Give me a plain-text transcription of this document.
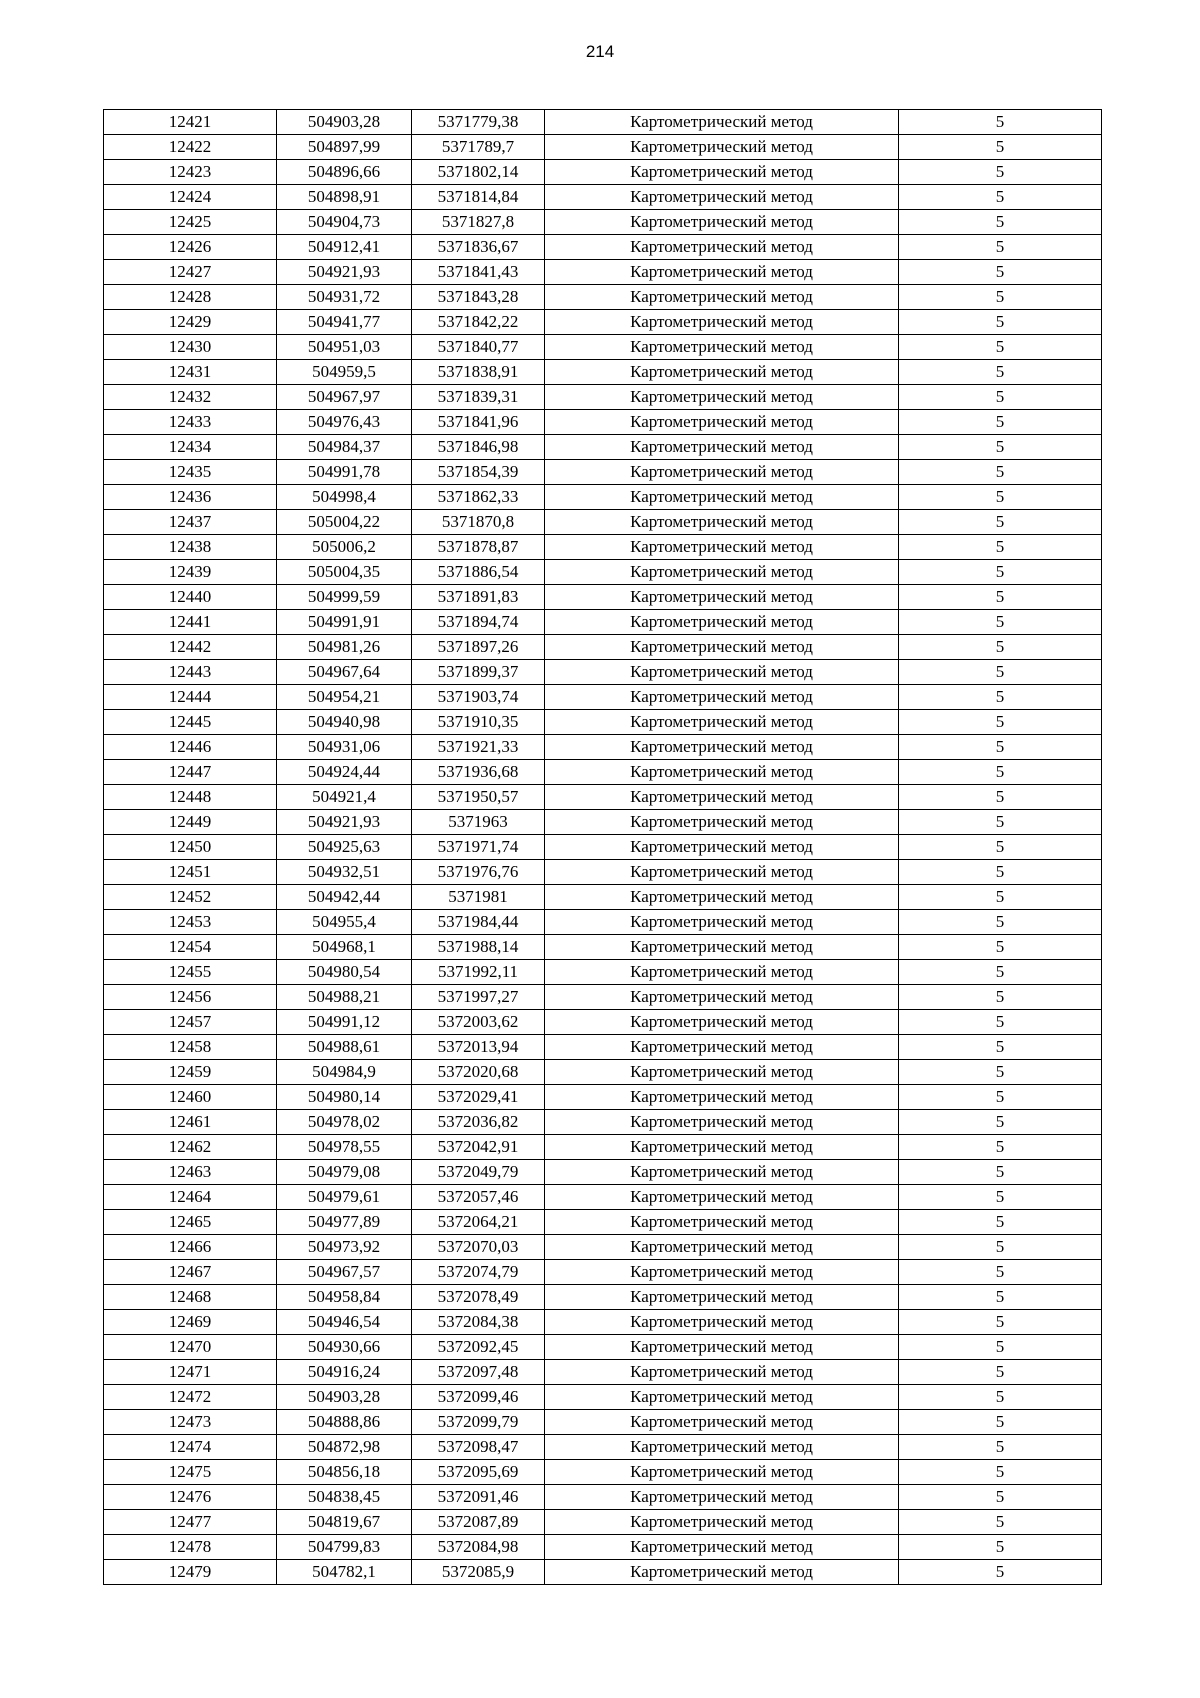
214
12421	504903,28	5371779,38	Картометрический метод	5
12422	504897,99	5371789,7	Картометрический метод	5
12423	504896,66	5371802,14	Картометрический метод	5
12424	504898,91	5371814,84	Картометрический метод	5
12425	504904,73	5371827,8	Картометрический метод	5
12426	504912,41	5371836,67	Картометрический метод	5
12427	504921,93	5371841,43	Картометрический метод	5
12428	504931,72	5371843,28	Картометрический метод	5
12429	504941,77	5371842,22	Картометрический метод	5
12430	504951,03	5371840,77	Картометрический метод	5
12431	504959,5	5371838,91	Картометрический метод	5
12432	504967,97	5371839,31	Картометрический метод	5
12433	504976,43	5371841,96	Картометрический метод	5
12434	504984,37	5371846,98	Картометрический метод	5
12435	504991,78	5371854,39	Картометрический метод	5
12436	504998,4	5371862,33	Картометрический метод	5
12437	505004,22	5371870,8	Картометрический метод	5
12438	505006,2	5371878,87	Картометрический метод	5
12439	505004,35	5371886,54	Картометрический метод	5
12440	504999,59	5371891,83	Картометрический метод	5
12441	504991,91	5371894,74	Картометрический метод	5
12442	504981,26	5371897,26	Картометрический метод	5
12443	504967,64	5371899,37	Картометрический метод	5
12444	504954,21	5371903,74	Картометрический метод	5
12445	504940,98	5371910,35	Картометрический метод	5
12446	504931,06	5371921,33	Картометрический метод	5
12447	504924,44	5371936,68	Картометрический метод	5
12448	504921,4	5371950,57	Картометрический метод	5
12449	504921,93	5371963	Картометрический метод	5
12450	504925,63	5371971,74	Картометрический метод	5
12451	504932,51	5371976,76	Картометрический метод	5
12452	504942,44	5371981	Картометрический метод	5
12453	504955,4	5371984,44	Картометрический метод	5
12454	504968,1	5371988,14	Картометрический метод	5
12455	504980,54	5371992,11	Картометрический метод	5
12456	504988,21	5371997,27	Картометрический метод	5
12457	504991,12	5372003,62	Картометрический метод	5
12458	504988,61	5372013,94	Картометрический метод	5
12459	504984,9	5372020,68	Картометрический метод	5
12460	504980,14	5372029,41	Картометрический метод	5
12461	504978,02	5372036,82	Картометрический метод	5
12462	504978,55	5372042,91	Картометрический метод	5
12463	504979,08	5372049,79	Картометрический метод	5
12464	504979,61	5372057,46	Картометрический метод	5
12465	504977,89	5372064,21	Картометрический метод	5
12466	504973,92	5372070,03	Картометрический метод	5
12467	504967,57	5372074,79	Картометрический метод	5
12468	504958,84	5372078,49	Картометрический метод	5
12469	504946,54	5372084,38	Картометрический метод	5
12470	504930,66	5372092,45	Картометрический метод	5
12471	504916,24	5372097,48	Картометрический метод	5
12472	504903,28	5372099,46	Картометрический метод	5
12473	504888,86	5372099,79	Картометрический метод	5
12474	504872,98	5372098,47	Картометрический метод	5
12475	504856,18	5372095,69	Картометрический метод	5
12476	504838,45	5372091,46	Картометрический метод	5
12477	504819,67	5372087,89	Картометрический метод	5
12478	504799,83	5372084,98	Картометрический метод	5
12479	504782,1	5372085,9	Картометрический метод	5
